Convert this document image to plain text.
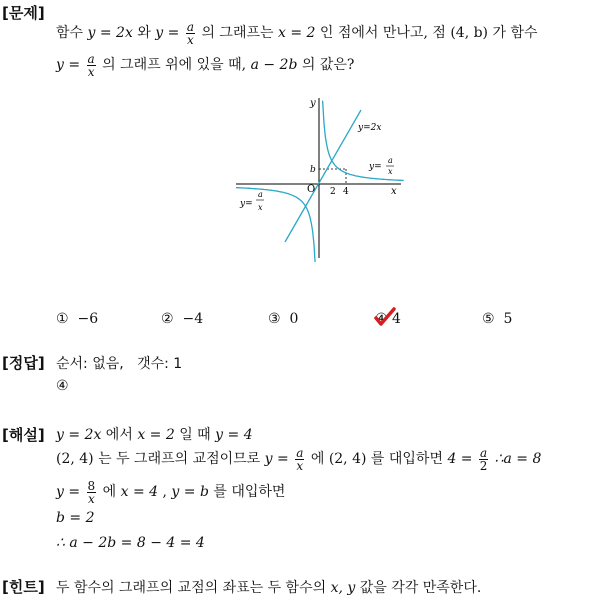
[문제]
[정답]
[해설]
[힌트]
함수 y = 2x 와 $y = \frac{a}{x}$ 의 그래프는 x = 2 인 점에서 만나고, 점 (4, b) 가 함수
$y = \frac{a}{x}$ 의 그래프 위에 있을 때, a − 2b 의 값은?
y
x
O 2 4
b
y=2x
y=
a
x
y=
a
x
① −6	② −4	③ 0	④ 4	⑤ 5
순서: 없음, 갯수: 1
④
y = 2x 에서 x = 2 일 때 y = 4
(2, 4) 는 두 그래프의 교점이므로 $y = \frac{a}{x}$ 에 (2, 4) 를 대입하면 $4 = \frac{a}{2}$ ∴a = 8
$y = \frac{8}{x}$ 에 x = 4 , y = b 를 대입하면
b = 2
∴ a − 2b = 8 − 4 = 4
두 함수의 그래프의 교점의 좌표는 두 함수의 x, y 값을 각각 만족한다.
